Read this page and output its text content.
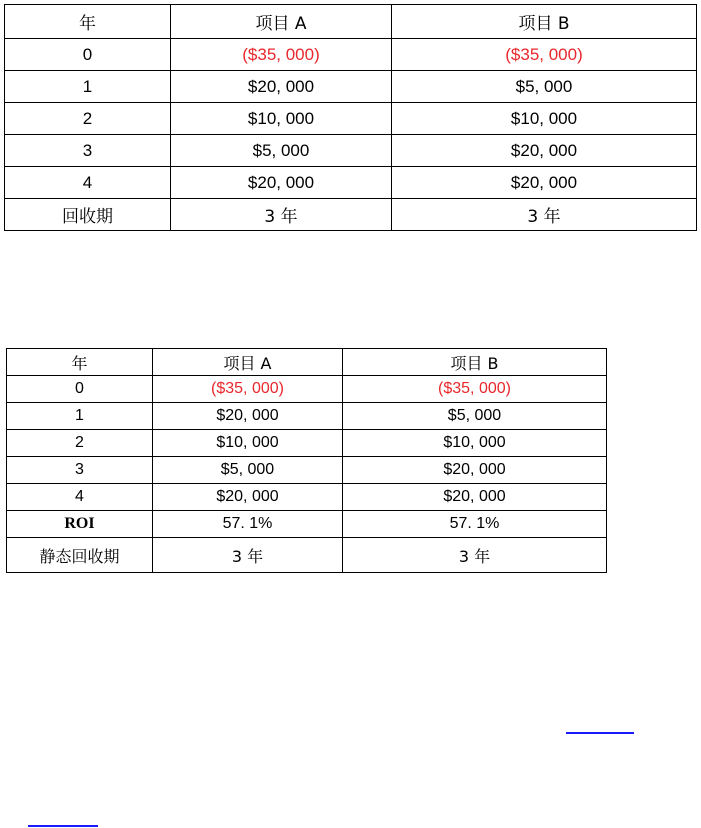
年	项目 A	项目 B
0	($35, 000)	($35, 000)
1	$20, 000	$5, 000
2	$10, 000	$10, 000
3	$5, 000	$20, 000
4	$20, 000	$20, 000
回收期	3 年	3 年
年	项目 A	项目 B
0	($35, 000)	($35, 000)
1	$20, 000	$5, 000
2	$10, 000	$10, 000
3	$5, 000	$20, 000
4	$20, 000	$20, 000
ROI	57. 1%	57. 1%
静态回收期	3 年	3 年
